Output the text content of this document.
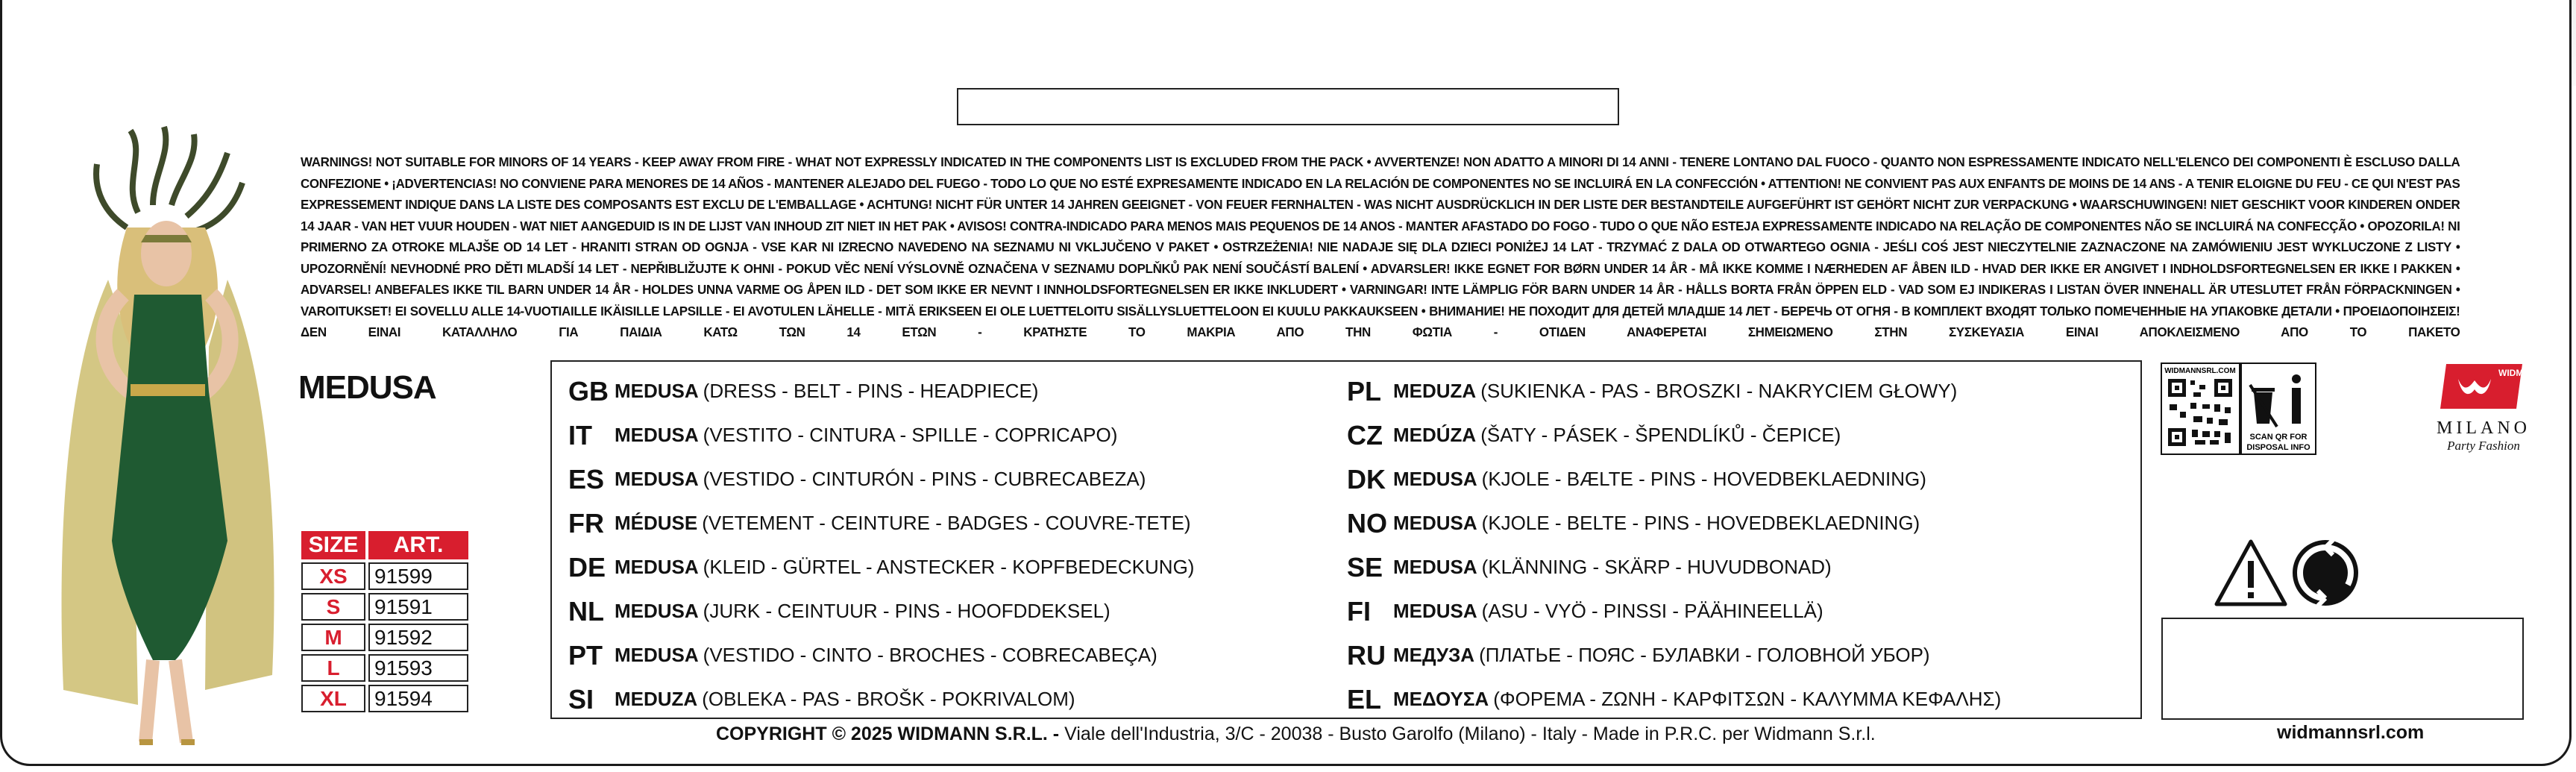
WARNINGS! NOT SUITABLE FOR MINORS OF 14 YEARS - KEEP AWAY FROM FIRE - WHAT NOT EXPRESSLY INDICATED IN THE COMPONENTS LIST IS EXCLUDED FROM THE PACK • AVVERTENZE! NON ADATTO A MINORI DI 14 ANNI - TENERE LONTANO DAL FUOCO - QUANTO NON ESPRESSAMENTE INDICATO NELL'ELENCO DEI COMPONENTI È ESCLUSO DALLA CONFEZIONE • ¡ADVERTENCIAS! NO CONVIENE PARA MENORES DE 14 AÑOS - MANTENER ALEJADO DEL FUEGO - TODO LO QUE NO ESTÉ EXPRESAMENTE INDICADO EN LA RELACIÓN DE COMPONENTES NO SE INCLUIRÁ EN LA CONFECCIÓN • ATTENTION! NE CONVIENT PAS AUX ENFANTS DE MOINS DE 14 ANS - A TENIR ELOIGNE DU FEU - CE QUI N'EST PAS EXPRESSEMENT INDIQUE DANS LA LISTE DES COMPOSANTS EST EXCLU DE L'EMBALLAGE • ACHTUNG! NICHT FÜR UNTER 14 JAHREN GEEIGNET - VON FEUER FERNHALTEN - WAS NICHT AUSDRÜCKLICH IN DER LISTE DER BESTANDTEILE AUFGEFÜHRT IST GEHÖRT NICHT ZUR VERPACKUNG • WAARSCHUWINGEN! NIET GESCHIKT VOOR KINDEREN ONDER 14 JAAR - VAN HET VUUR HOUDEN - WAT NIET AANGEDUID IS IN DE LIJST VAN INHOUD ZIT NIET IN HET PAK • AVISOS! CONTRA-INDICADO PARA MENOS MAIS PEQUENOS DE 14 ANOS - MANTER AFASTADO DO FOGO - TUDO O QUE NÃO ESTEJA EXPRESSAMENTE INDICADO NA RELAÇÃO DE COMPONENTES NÃO SE INCLUIRÁ NA CONFECÇÃO • OPOZORILA! NI PRIMERNO ZA OTROKE MLAJŠE OD 14 LET - HRANITI STRAN OD OGNJA - VSE KAR NI IZRECNO NAVEDENO NA SEZNAMU NI VKLJUČENO V PAKET • OSTRZEŻENIA! NIE NADAJE SIĘ DLA DZIECI PONIŻEJ 14 LAT - TRZYMAĆ Z DALA OD OTWARTEGO OGNIA - JEŚLI COŚ JEST NIECZYTELNIE ZAZNACZONE NA ZAMÓWIENIU JEST WYKLUCZONE Z LISTY • UPOZORNĚNÍ! NEVHODNÉ PRO DĚTI MLADŠÍ 14 LET - NEPŘIBLIŽUJTE K OHNI - POKUD VĚC NENÍ VÝSLOVNĚ OZNAČENA V SEZNAMU DOPLŇKŮ PAK NENÍ SOUČÁSTÍ BALENÍ • ADVARSLER! IKKE EGNET FOR BØRN UNDER 14 ÅR - MÅ IKKE KOMME I NÆRHEDEN AF ÅBEN ILD - HVAD DER IKKE ER ANGIVET I INDHOLDSFORTEGNELSEN ER IKKE I PAKKEN • ADVARSEL! ANBEFALES IKKE TIL BARN UNDER 14 ÅR - HOLDES UNNA VARME OG ÅPEN ILD - DET SOM IKKE ER NEVNT I INNHOLDSFORTEGNELSEN ER IKKE INKLUDERT • VARNINGAR! INTE LÄMPLIG FÖR BARN UNDER 14 ÅR - HÅLLS BORTA FRÅN ÖPPEN ELD - VAD SOM EJ INDIKERAS I LISTAN ÖVER INNEHALL ÄR UTESLUTET FRÅN FÖRPACKNINGEN • VAROITUKSET! EI SOVELLU ALLE 14-VUOTIAILLE IKÄISILLE LAPSILLE - EI AVOTULEN LÄHELLE - MITÄ ERIKSEEN EI OLE LUETTELOITU SISÄLLYSLUETTELOON EI KUULU PAKKAUKSEEN • ВНИМАНИЕ! НЕ ПОХОДИТ ДЛЯ ДЕТЕЙ МЛАДШЕ 14 ЛЕТ - БЕРЕЧЬ ОТ ОГНЯ - В КОМПЛЕКТ ВХОДЯТ ТОЛЬКО ПОМЕЧЕННЫЕ НА УПАКОВКЕ ДЕТАЛИ • ΠΡΟΕΙΔΟΠΟΙΗΣΕΙΣ! ΔΕΝ ΕΙΝΑΙ ΚΑΤΑΛΛΗΛΟ ΓΙΑ ΠΑΙΔΙΑ ΚΑΤΩ ΤΩΝ 14 ΕΤΩΝ - ΚΡΑΤΗΣΤΕ ΤΟ ΜΑΚΡΙΑ ΑΠΟ ΤΗΝ ΦΩΤΙΑ - ΟΤΙΔΕΝ ΑΝΑΦΕΡΕΤΑΙ ΣΗΜΕΙΩΜΕΝΟ ΣΤΗΝ ΣΥΣΚΕΥΑΣΙΑ ΕΙΝΑΙ ΑΠΟΚΛΕΙΣΜΕΝΟ ΑΠΟ ΤΟ ΠΑΚΕΤΟ
MEDUSA
SIZE	ART.
XS	91599
S	91591
M	91592
L	91593
XL	91594
GB MEDUSA (DRESS - BELT - PINS - HEADPIECE)
IT	MEDUSA (VESTITO - CINTURA - SPILLE - COPRICAPO)
ES MEDUSA (VESTIDO - CINTURÓN - PINS - CUBRECABEZA)
FR MÉDUSE (VETEMENT - CEINTURE - BADGES - COUVRE-TETE)
DE MEDUSA (KLEID - GÜRTEL - ANSTECKER - KOPFBEDECKUNG)
NL MEDUSA (JURK - CEINTUUR - PINS - HOOFDDEKSEL)
PT MEDUSA (VESTIDO - CINTO - BROCHES - COBRECABEÇA)
SI	MEDUZA (OBLEKA - PAS - BROŠK - POKRIVALOM)
PL MEDUZA (SUKIENKA - PAS - BROSZKI - NAKRYCIEM GŁOWY)
CZ MEDÚZA (ŠATY - PÁSEK - ŠPENDLÍKŮ - ČEPICE)
DK MEDUSA (KJOLE - BÆLTE - PINS - HOVEDBEKLAEDNING)
NO MEDUSA (KJOLE - BELTE - PINS - HOVEDBEKLAEDNING)
SE MEDUSA (KLÄNNING - SKÄRP - HUVUDBONAD)
FI	MEDUSA (ASU - VYÖ - PINSSI - PÄÄHINEELLÄ)
RU МЕДУЗА (ПЛАТЬЕ - ПОЯС - БУЛАВКИ - ГОЛОВНОЙ УБОР)
EL ΜΕΔΟΥΣΑ (ΦΟΡΕΜΑ - ΖΩΝΗ - ΚΑΡΦΙΤΣΩΝ - ΚΑΛΥΜΜΑ ΚΕΦΑΛΗΣ)
WIDMANNSRL.COM
SCAN QR FOR
DISPOSAL INFO
WIDMANN®
MILANO
Party Fashion
COPYRIGHT © 2025 WIDMANN S.R.L. - Viale dell'Industria, 3/C - 20038 - Busto Garolfo (Milano) - Italy - Made in P.R.C. per Widmann S.r.l.	widmannsrl.com
